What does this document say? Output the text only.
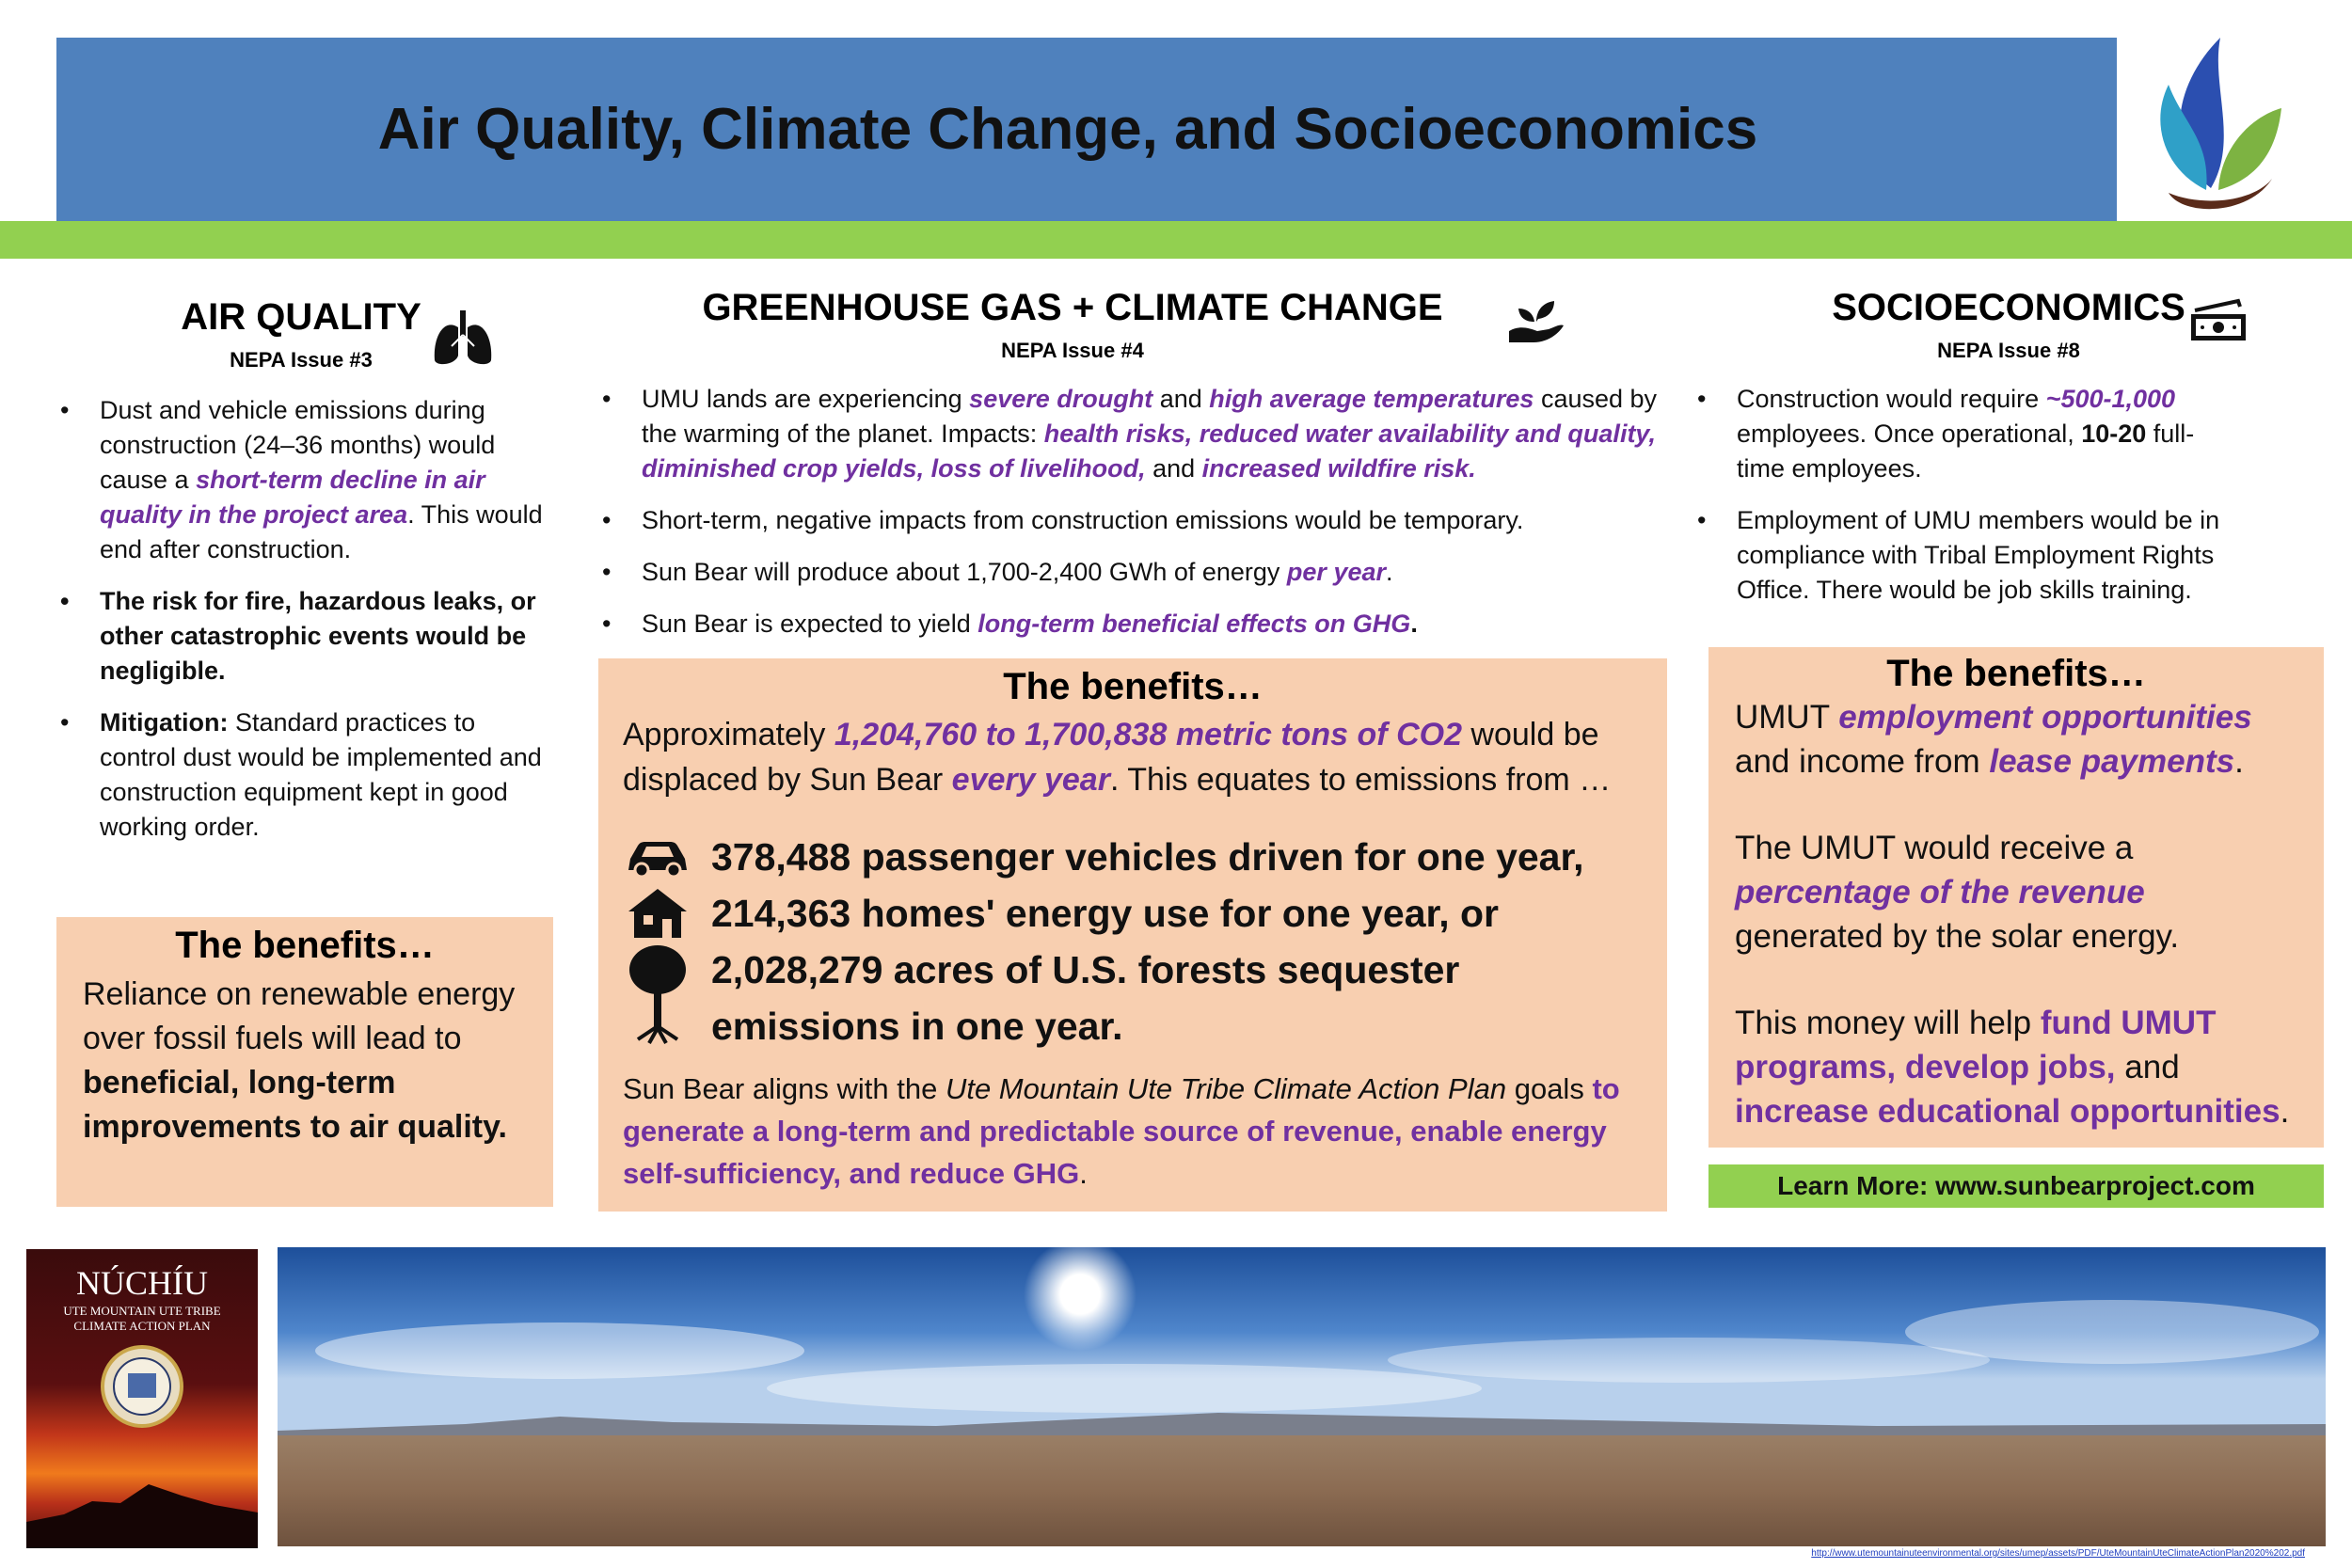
Air Quality, Climate Change, and Socioeconomics
AIR QUALITY
NEPA Issue #3
• Dust and vehicle emissions during construction (24–36 months) would cause a short-term decline in air quality in the project area. This would end after construction.
• The risk for fire, hazardous leaks, or other catastrophic events would be negligible.
• Mitigation: Standard practices to control dust would be implemented and construction equipment kept in good working order.
The benefits…
Reliance on renewable energy over fossil fuels will lead to beneficial, long-term improvements to air quality.
GREENHOUSE GAS + CLIMATE CHANGE
NEPA Issue #4
• UMU lands are experiencing severe drought and high average temperatures caused by the warming of the planet. Impacts: health risks, reduced water availability and quality, diminished crop yields, loss of livelihood, and increased wildfire risk.
• Short-term, negative impacts from construction emissions would be temporary.
• Sun Bear will produce about 1,700-2,400 GWh of energy per year.
• Sun Bear is expected to yield long-term beneficial effects on GHG.
The benefits…
Approximately 1,204,760 to 1,700,838 metric tons of CO2 would be displaced by Sun Bear every year. This equates to emissions from …
378,488 passenger vehicles driven for one year,
214,363 homes' energy use for one year, or
2,028,279 acres of U.S. forests sequester emissions in one year.
Sun Bear aligns with the Ute Mountain Ute Tribe Climate Action Plan goals to generate a long-term and predictable source of revenue, enable energy self-sufficiency, and reduce GHG.
SOCIOECONOMICS
NEPA Issue #8
• Construction would require ~500-1,000 employees. Once operational, 10-20 full-time employees.
• Employment of UMU members would be in compliance with Tribal Employment Rights Office. There would be job skills training.
The benefits…

UMUT employment opportunities and income from lease payments.

The UMUT would receive a percentage of the revenue generated by the solar energy.

This money will help fund UMUT programs, develop jobs, and increase educational opportunities.

Learn More: www.sunbearproject.com
NÚCHÍU
UTE MOUNTAIN UTE TRIBE
CLIMATE ACTION PLAN
http://www.utemountainuteenvironmental.org/sites/umep/assets/PDF/UteMountainUteClimateActionPlan2020%202.pdf
